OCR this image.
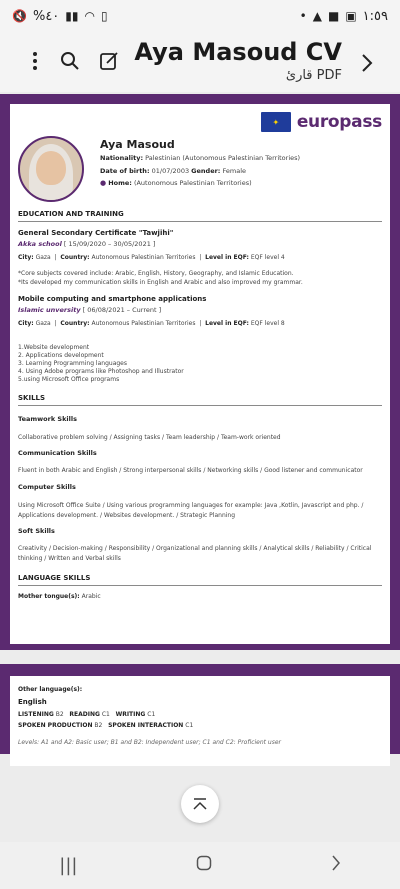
🔇 %٤٠ ▮▮ ◠ ▯	• ▲ ■ ▣ ١:٥٩
Aya Masoud CV
قارئ PDF
✦	europass
Aya Masoud
Nationality: Palestinian (Autonomous Palestinian Territories)
Date of birth: 01/07/2003 Gender: Female
● Home: (Autonomous Palestinian Territories)
EDUCATION AND TRAINING
General Secondary Certificate "Tawjihi"
Akka school [ 15/09/2020 – 30/05/2021 ]
City: Gaza  |  Country: Autonomous Palestinian Territories  |  Level in EQF: EQF level 4
*Core subjects covered include: Arabic, English, History, Geography, and Islamic Education.
*Its developed my communication skills in English and Arabic and also improved my grammar.
Mobile computing and smartphone applications
Islamic unversity [ 06/08/2021 – Current ]
City: Gaza  |  Country: Autonomous Palestinian Territories  |  Level in EQF: EQF level 8
1.Website development
2. Applications development
3. Learning Programming languages
4. Using Adobe programs like Photoshop and Illustrator
5.using Microsoft Office programs
SKILLS
Teamwork Skills
Collaborative problem solving / Assigning tasks / Team leadership / Team-work oriented
Communication Skills
Fluent in both Arabic and English / Strong interpersonal skills / Networking skills / Good listener and communicator
Computer Skills
Using Microsoft Office Suite / Using various programming languages for example: Java ,Kotlin, Javascript and php. / Applications development. / Websites development. / Strategic Planning
Soft Skills
Creativity / Decision-making / Responsibility / Organizational and planning skills / Analytical skills / Reliability / Critical thinking / Written and Verbal skills
LANGUAGE SKILLS
Mother tongue(s): Arabic
Other language(s):
English
LISTENING B2 READING C1 WRITING C1
SPOKEN PRODUCTION B2 SPOKEN INTERACTION C1
Levels: A1 and A2: Basic user; B1 and B2: Independent user; C1 and C2: Proficient user
|||
